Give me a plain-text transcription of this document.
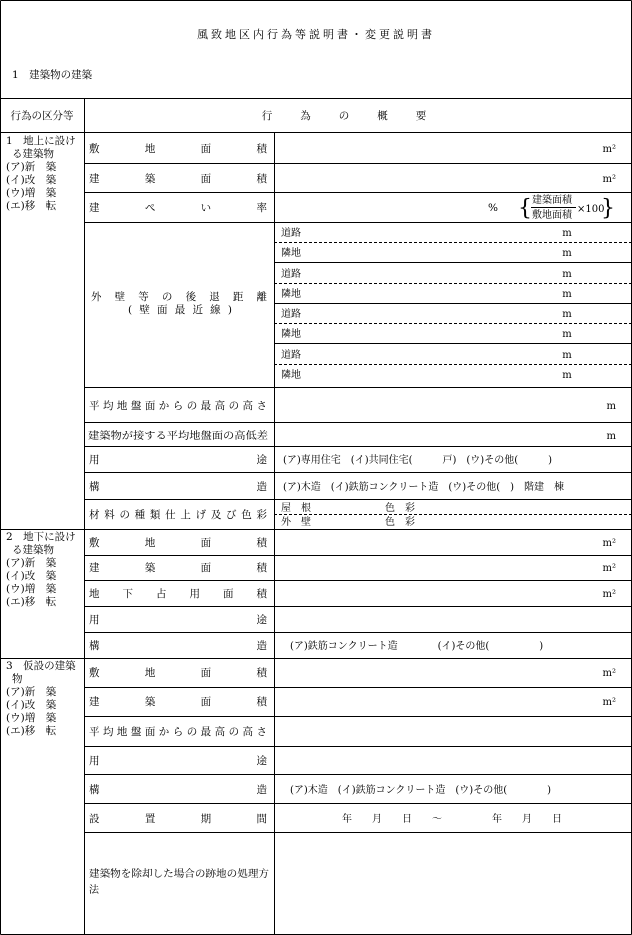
風致地区内行為等説明書・変更説明書
1　建築物の建築
行為の区分等	行為の概要
1　地上に設け
る建築物
(ア)新　築
(イ)改　築
(ウ)増　築
(エ)移　転
敷地面積	m²
建築面積	m²
建ぺい率	% { 建築面積
敷地面積
×100
}
外壁等の後退距離
(壁面最近線)
道路	m
隣地	m
道路	m
隣地	m
道路	m
隣地	m
道路	m
隣地	m
平均地盤面からの最高の高さ	m
建築物が接する平均地盤面の高低差	m
用途 (ア)専用住宅　(イ)共同住宅(　　　戸)　(ウ)その他(　　　)
構造 (ア)木造　(イ)鉄筋コンクリート造　(ウ)その他(　)　階建　棟
材料の種類仕上げ及び色彩
屋　根	色　彩
外　壁	色　彩
2　地下に設け
る建築物
(ア)新　築
(イ)改　築
(ウ)増　築
(エ)移　転
敷地面積	m²
建築面積	m²
地下占用面積	m²
用途
構造 (ア)鉄筋コンクリート造　　　　(イ)その他(　　　　　)
3　仮設の建築
物
(ア)新　築
(イ)改　築
(ウ)増　築
(エ)移　転
敷地面積	m²
建築面積	m²
平均地盤面からの最高の高さ
用途
構造 (ア)木造　(イ)鉄筋コンクリート造　(ウ)その他(　　　　)
設置期間	年　　月　　日　　～　　　　　年　　月　　日
建築物を除却した場合の跡地の処理方
法
